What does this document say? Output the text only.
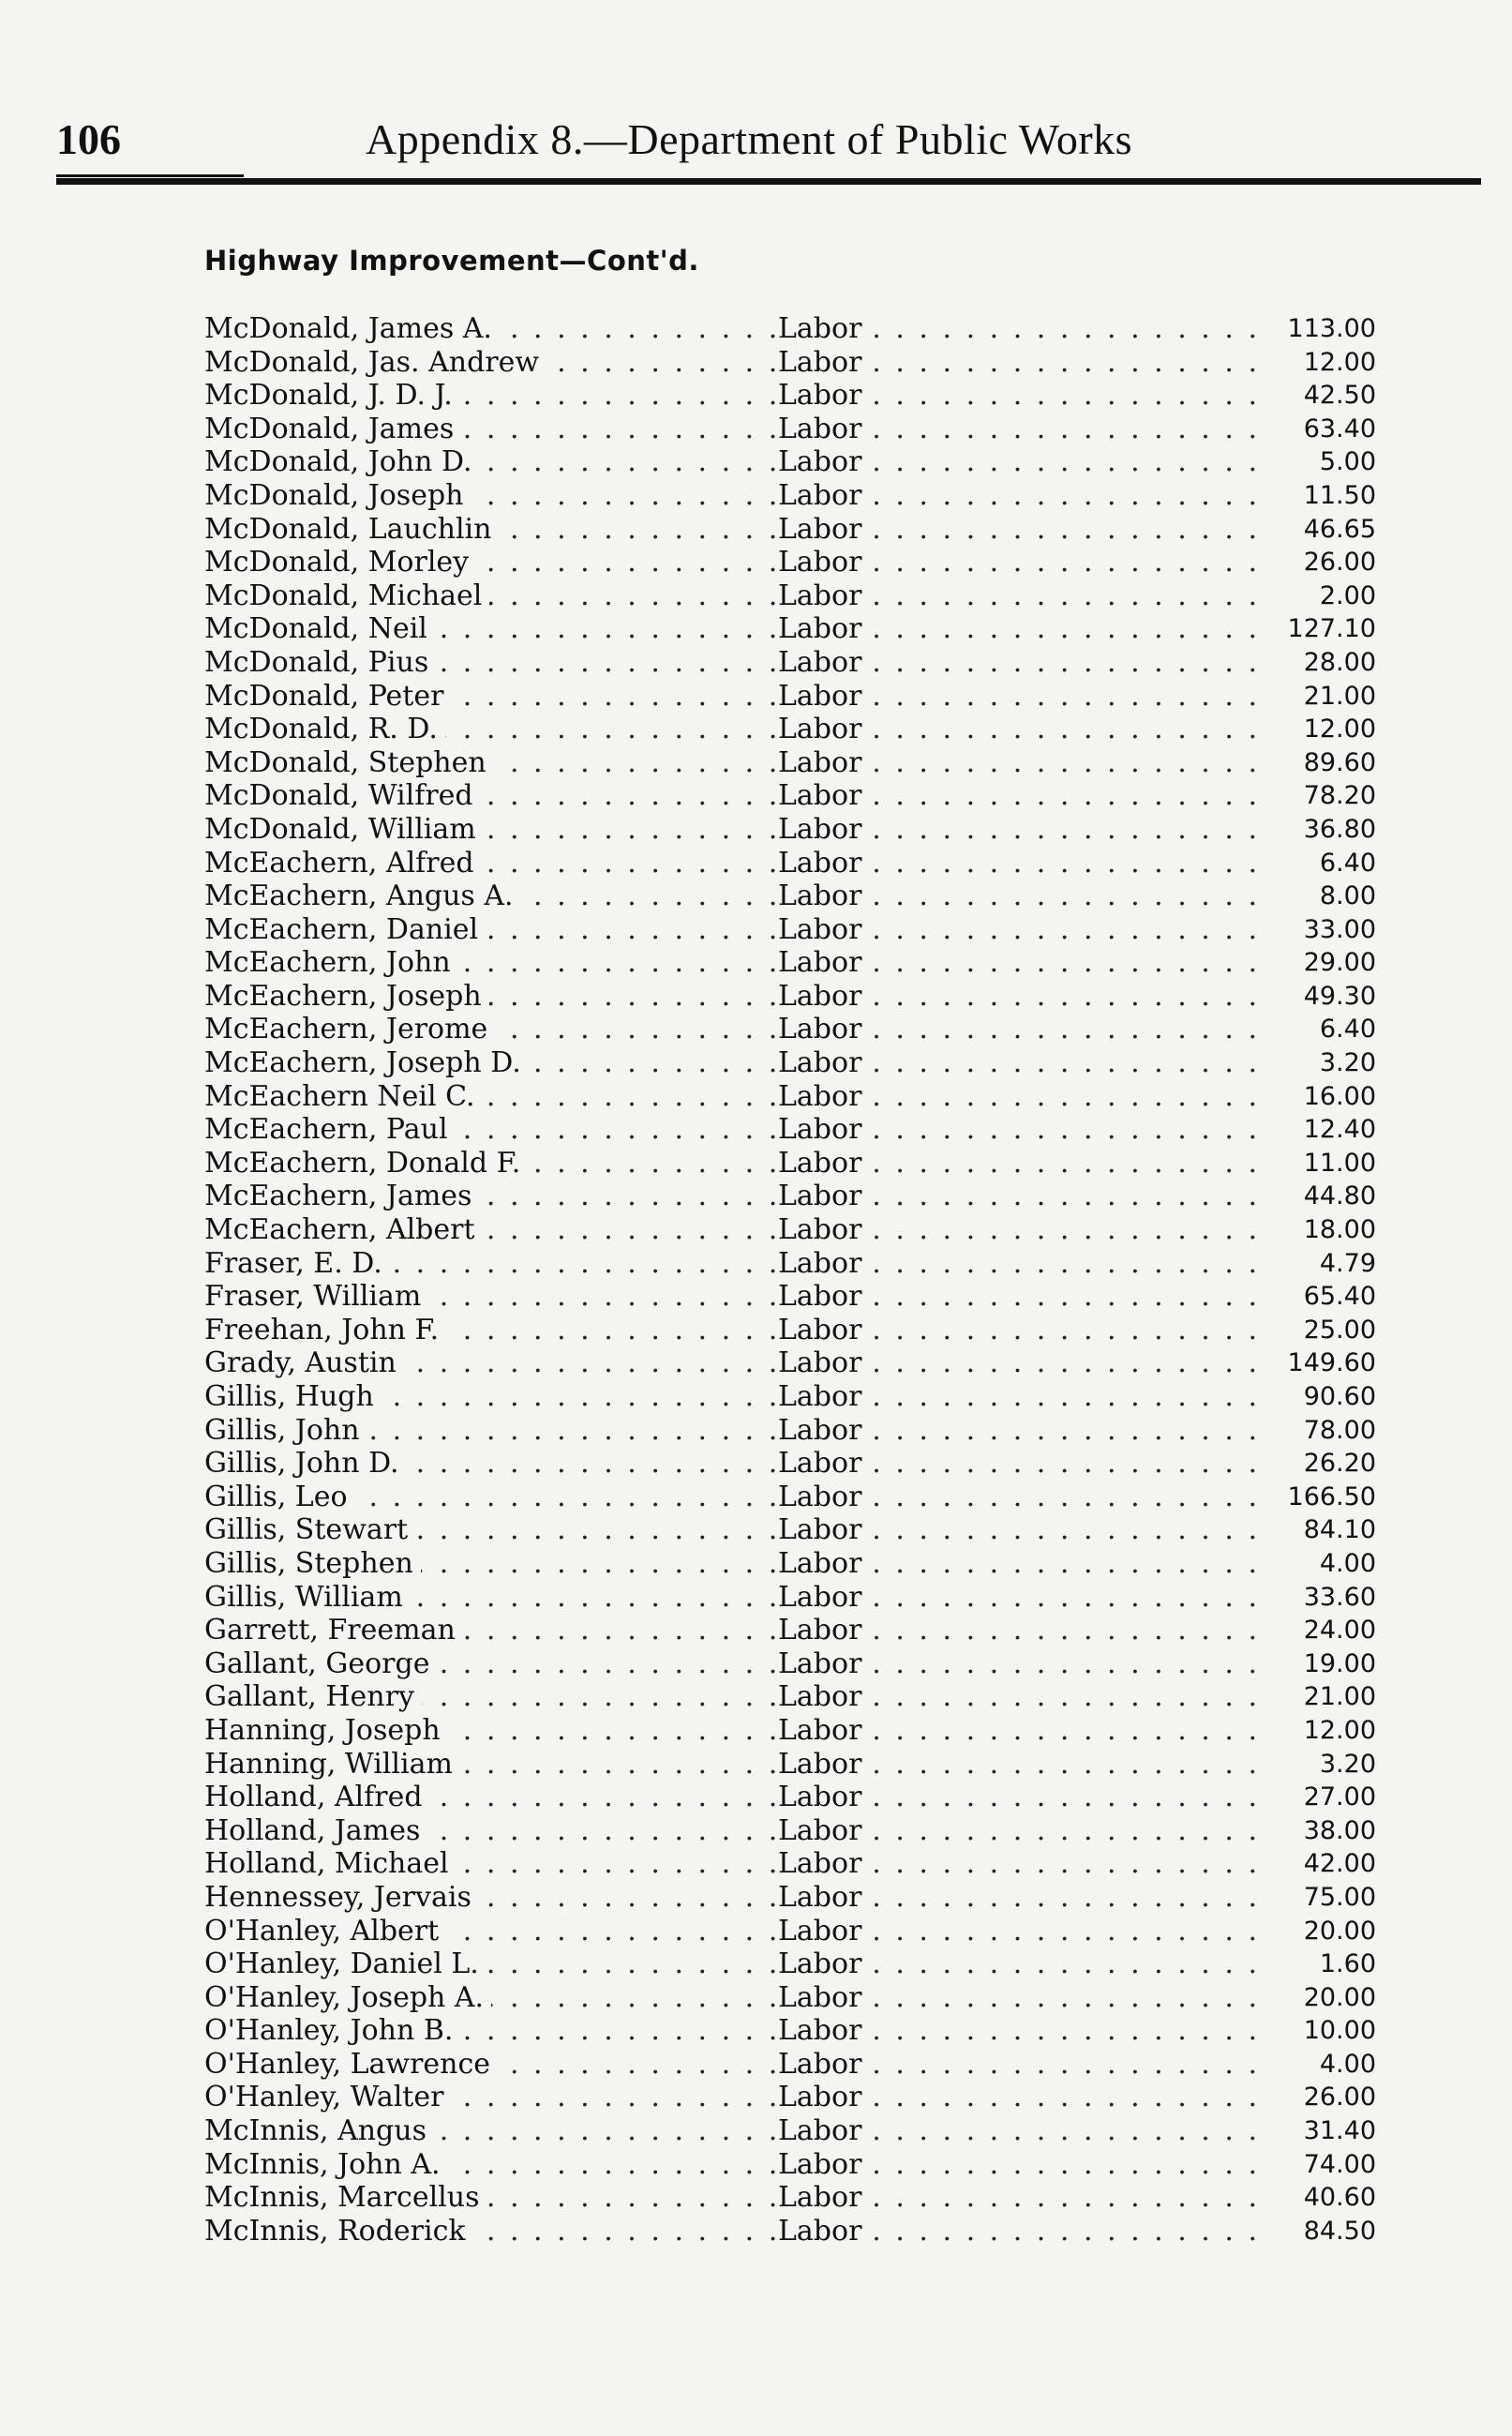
106	Appendix 8.—Department of Public Works
Highway Improvement—Cont'd.
. . .
McDonald, James A. . . .	Labor	113.00
. . .
McDonald, Jas. Andrew . . .	Labor	12.00
. . .
McDonald, J. D. J. . . .	Labor	42.50
. . .
McDonald, James . . .	Labor	63.40
. . .
McDonald, John D. . . .	Labor	5.00
. . .
McDonald, Joseph . . .	Labor	11.50
. . .
McDonald, Lauchlin . . .	Labor	46.65
. . .
McDonald, Morley . . .	Labor	26.00
. . .
McDonald, Michael . . .	Labor	2.00
. . .
McDonald, Neil . . .	Labor	127.10
. . .
McDonald, Pius . . .	Labor	28.00
. . .
McDonald, Peter . . .	Labor	21.00
. . .
McDonald, R. D. . . .	Labor	12.00
. . .
McDonald, Stephen . . .	Labor	89.60
. . .
McDonald, Wilfred . . .	Labor	78.20
. . .
McDonald, William . . .	Labor	36.80
. . .
McEachern, Alfred . . .	Labor	6.40
. . .
McEachern, Angus A. . . .	Labor	8.00
. . .
McEachern, Daniel . . .	Labor	33.00
. . .
McEachern, John . . .	Labor	29.00
. . .
McEachern, Joseph . . .	Labor	49.30
. . .
McEachern, Jerome . . .	Labor	6.40
. . .
McEachern, Joseph D. . . .	Labor	3.20
. . .
McEachern Neil C. . . .	Labor	16.00
. . .
McEachern, Paul . . .	Labor	12.40
. . .
McEachern, Donald F. . . .	Labor	11.00
. . .
McEachern, James . . .	Labor	44.80
. . .
McEachern, Albert . . .	Labor	18.00
. . .
Fraser, E. D. . . .	Labor	4.79
. . .
Fraser, William . . .	Labor	65.40
. . .
Freehan, John F. . . .	Labor	25.00
. . .
Grady, Austin . . .	Labor	149.60
. . .
Gillis, Hugh . . .	Labor	90.60
. . .
Gillis, John . . .	Labor	78.00
. . .
Gillis, John D. . . .	Labor	26.20
. . .
Gillis, Leo . . .	Labor	166.50
. . .
Gillis, Stewart . . .	Labor	84.10
. . .
Gillis, Stephen . . .	Labor	4.00
. . .
Gillis, William . . .	Labor	33.60
. . .
Garrett, Freeman . . .	Labor	24.00
. . .
Gallant, George . . .	Labor	19.00
. . .
Gallant, Henry . . .	Labor	21.00
. . .
Hanning, Joseph . . .	Labor	12.00
. . .
Hanning, William . . .	Labor	3.20
. . .
Holland, Alfred . . .	Labor	27.00
. . .
Holland, James . . .	Labor	38.00
. . .
Holland, Michael . . .	Labor	42.00
. . .
Hennessey, Jervais . . .	Labor	75.00
. . .
O'Hanley, Albert . . .	Labor	20.00
. . .
O'Hanley, Daniel L. . . .	Labor	1.60
. . .
O'Hanley, Joseph A. . . .	Labor	20.00
. . .
O'Hanley, John B. . . .	Labor	10.00
. . .
O'Hanley, Lawrence . . .	Labor	4.00
. . .
O'Hanley, Walter . . .	Labor	26.00
. . .
McInnis, Angus . . .	Labor	31.40
. . .
McInnis, John A. . . .	Labor	74.00
. . .
McInnis, Marcellus . . .	Labor	40.60
. . .
McInnis, Roderick . . .	Labor	84.50
